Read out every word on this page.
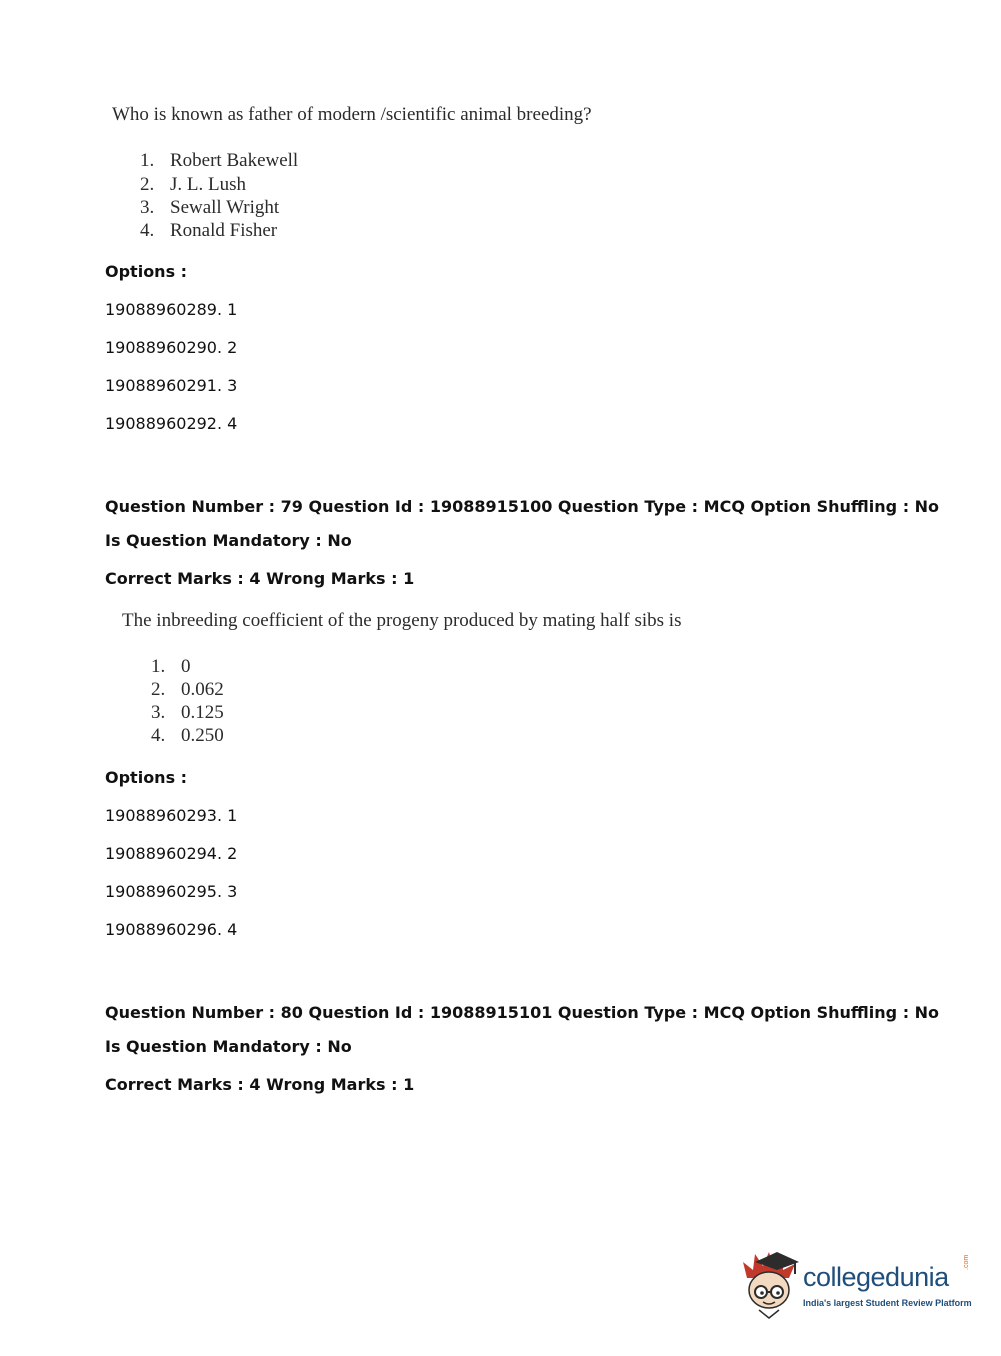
Who is known as father of modern /scientific animal breeding?
1. Robert Bakewell
2. J. L. Lush
3. Sewall Wright
4. Ronald Fisher
Options :
19088960289. 1
19088960290. 2
19088960291. 3
19088960292. 4
Question Number : 79 Question Id : 19088915100 Question Type : MCQ Option Shuffling : No
Is Question Mandatory : No
Correct Marks : 4 Wrong Marks : 1
The inbreeding coefficient of the progeny produced by mating half sibs is
1. 0
2. 0.062
3. 0.125
4. 0.250
Options :
19088960293. 1
19088960294. 2
19088960295. 3
19088960296. 4
Question Number : 80 Question Id : 19088915101 Question Type : MCQ Option Shuffling : No
Is Question Mandatory : No
Correct Marks : 4 Wrong Marks : 1
collegedunia .com
India's largest Student Review Platform
